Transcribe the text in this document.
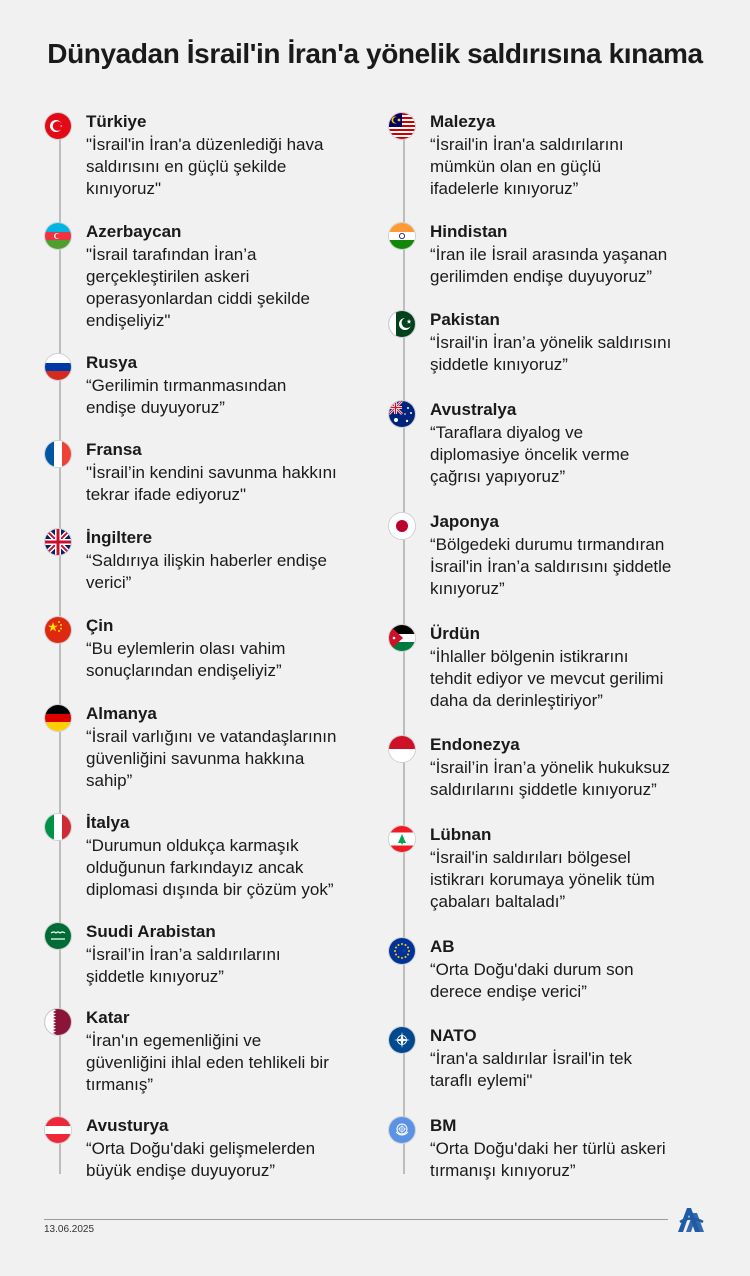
Dünyadan İsrail'in İran'a yönelik saldırısına kınama
Türkiye
"İsrail'in İran'a düzenlediği hava
saldırısını en güçlü şekilde
kınıyoruz"
Azerbaycan
"İsrail tarafından İran’a
gerçekleştirilen askeri
operasyonlardan ciddi şekilde
endişeliyiz"
Rusya
“Gerilimin tırmanmasından
endişe duyuyoruz”
Fransa
"İsrail’in kendini savunma hakkını
tekrar ifade ediyoruz"
İngiltere
“Saldırıya ilişkin haberler endişe
verici”
Çin
“Bu eylemlerin olası vahim
sonuçlarından endişeliyiz”
Almanya
“İsrail varlığını ve vatandaşlarının
güvenliğini savunma hakkına
sahip”
İtalya
“Durumun oldukça karmaşık
olduğunun farkındayız ancak
diplomasi dışında bir çözüm yok”
Suudi Arabistan
“İsrail’in İran’a saldırılarını
şiddetle kınıyoruz”
Katar
“İran'ın egemenliğini ve
güvenliğini ihlal eden tehlikeli bir
tırmanış”
Avusturya
“Orta Doğu'daki gelişmelerden
büyük endişe duyuyoruz”
Malezya
“İsrail'in İran'a saldırılarını
mümkün olan en güçlü
ifadelerle kınıyoruz”
Hindistan
“İran ile İsrail arasında yaşanan
gerilimden endişe duyuyoruz”
Pakistan
“İsrail'in İran’a yönelik saldırısını
şiddetle kınıyoruz”
Avustralya
“Taraflara diyalog ve
diplomasiye öncelik verme
çağrısı yapıyoruz”
Japonya
“Bölgedeki durumu tırmandıran
İsrail'in İran’a saldırısını şiddetle
kınıyoruz”
Ürdün
“İhlaller bölgenin istikrarını
tehdit ediyor ve mevcut gerilimi
daha da derinleştiriyor”
Endonezya
“İsrail’in İran’a yönelik hukuksuz
saldırılarını şiddetle kınıyoruz”
Lübnan
“İsrail'in saldırıları bölgesel
istikrarı korumaya yönelik tüm
çabaları baltaladı”
AB
“Orta Doğu'daki durum son
derece endişe verici”
NATO
“İran'a saldırılar İsrail'in tek
taraflı eylemi"
BM
“Orta Doğu'daki her türlü askeri
tırmanışı kınıyoruz”
13.06.2025
